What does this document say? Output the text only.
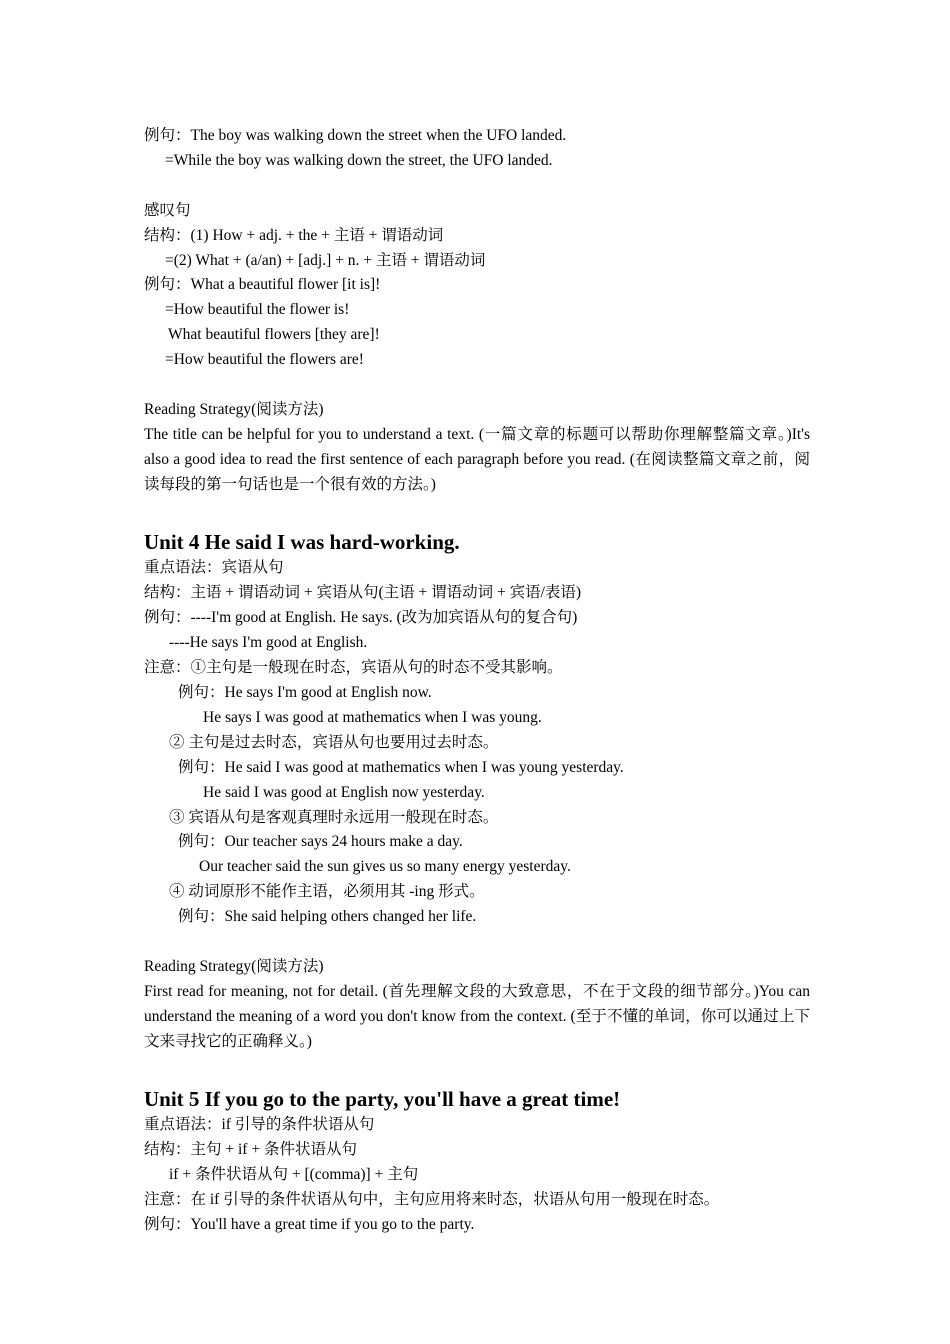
例句：The boy was walking down the street when the UFO landed.
=While the boy was walking down the street, the UFO landed.
感叹句
结构：(1) How + adj. + the + 主语 + 谓语动词
=(2) What + (a/an) + [adj.] + n. + 主语 + 谓语动词
例句：What a beautiful flower [it is]!
=How beautiful the flower is!
What beautiful flowers [they are]!
=How beautiful the flowers are!
Reading Strategy(阅读方法)
The title can be helpful for you to understand a text. (一篇文章的标题可以帮助你理解整篇文章。)It's also a good idea to read the first sentence of each paragraph before you read. (在阅读整篇文章之前，阅读每段的第一句话也是一个很有效的方法。)
Unit 4 He said I was hard-working.
重点语法：宾语从句
结构：主语 + 谓语动词 + 宾语从句(主语 + 谓语动词 + 宾语/表语)
例句：----I'm good at English. He says. (改为加宾语从句的复合句)
----He says I'm good at English.
注意：①主句是一般现在时态，宾语从句的时态不受其影响。
例句：He says I'm good at English now.
He says I was good at mathematics when I was young.
② 主句是过去时态，宾语从句也要用过去时态。
例句：He said I was good at mathematics when I was young yesterday.
He said I was good at English now yesterday.
③ 宾语从句是客观真理时永远用一般现在时态。
例句：Our teacher says 24 hours make a day.
Our teacher said the sun gives us so many energy yesterday.
④ 动词原形不能作主语，必须用其 -ing 形式。
例句：She said helping others changed her life.
Reading Strategy(阅读方法)
First read for meaning, not for detail. (首先理解文段的大致意思，不在于文段的细节部分。)You can understand the meaning of a word you don't know from the context. (至于不懂的单词，你可以通过上下文来寻找它的正确释义。)
Unit 5 If you go to the party, you'll have a great time!
重点语法：if 引导的条件状语从句
结构：主句 + if + 条件状语从句
if + 条件状语从句 + [(comma)] + 主句
注意：在 if 引导的条件状语从句中，主句应用将来时态，状语从句用一般现在时态。
例句：You'll have a great time if you go to the party.
